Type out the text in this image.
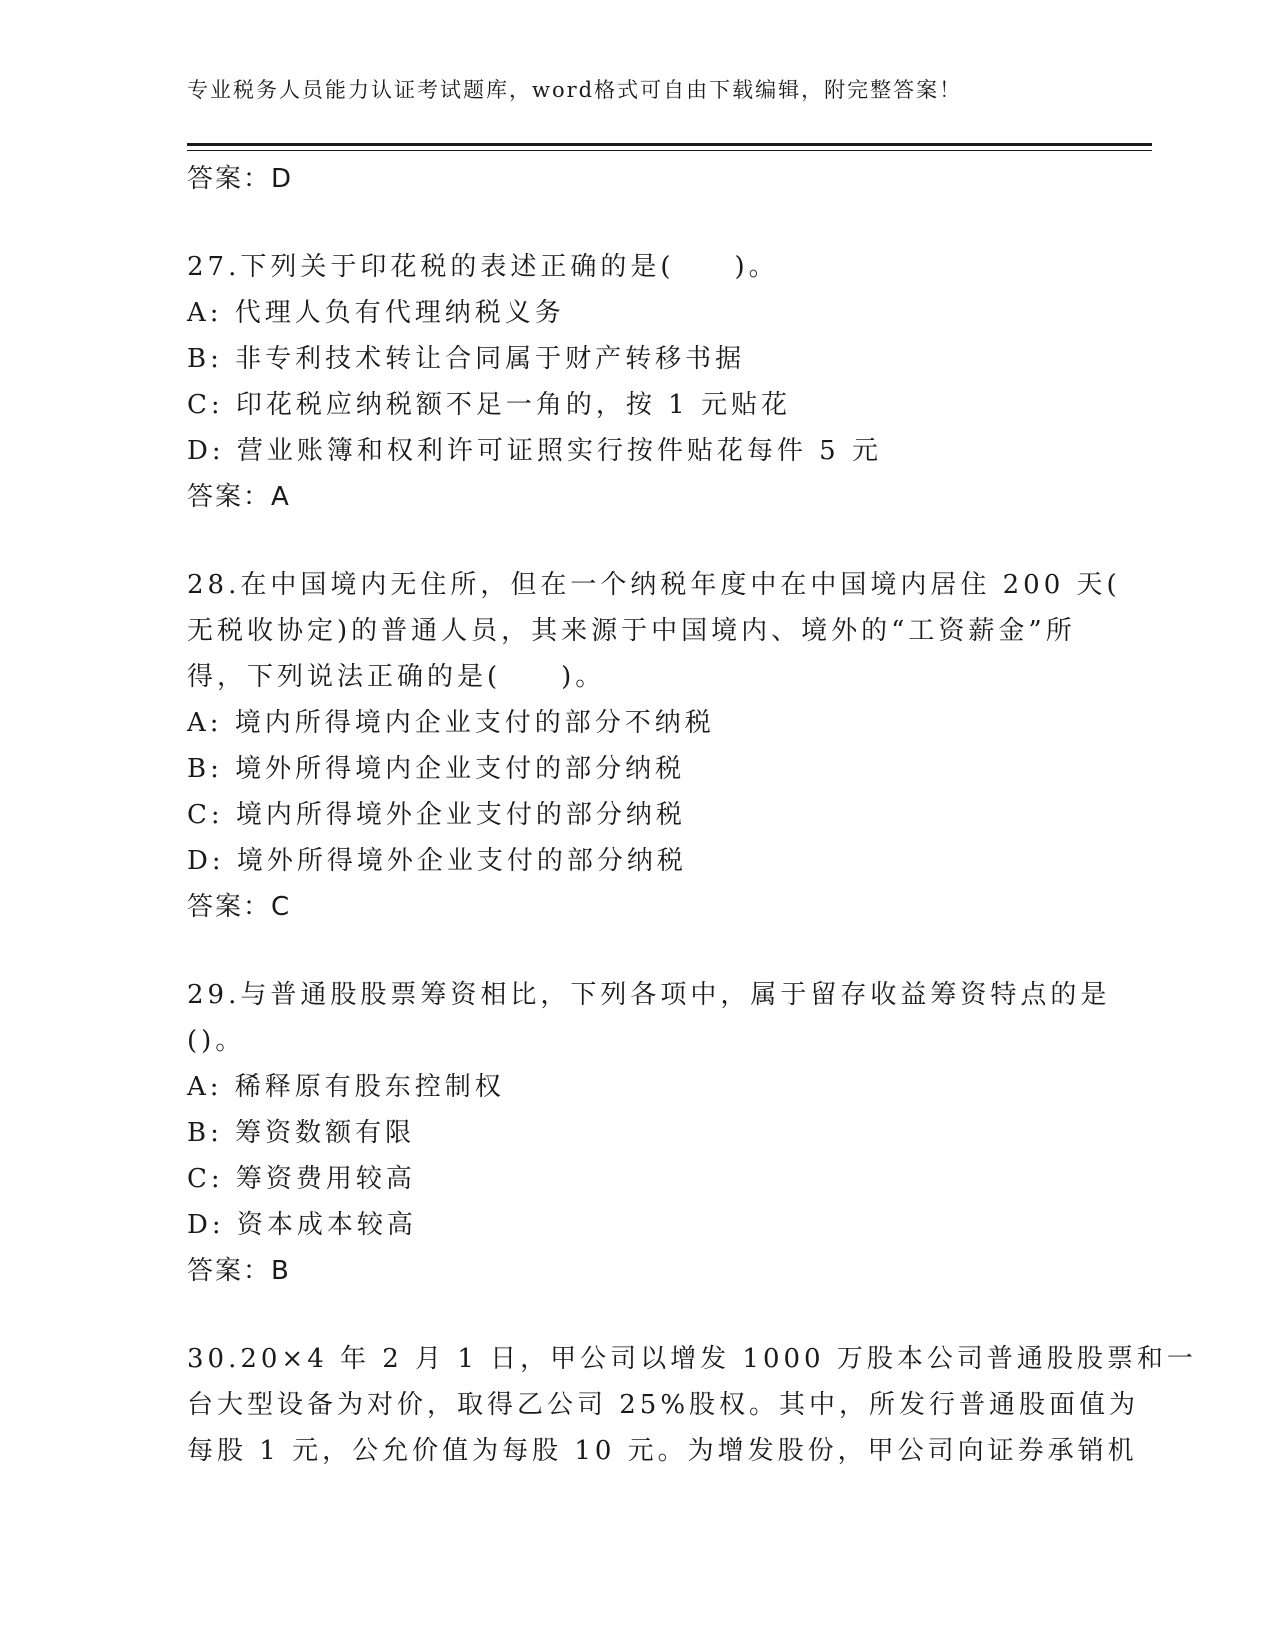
专业税务人员能力认证考试题库，word格式可自由下载编辑，附完整答案！
答案：D
27.下列关于印花税的表述正确的是(　　)。
A: 代理人负有代理纳税义务
B: 非专利技术转让合同属于财产转移书据
C: 印花税应纳税额不足一角的，按 1 元贴花
D: 营业账簿和权利许可证照实行按件贴花每件 5 元
答案：A
28.在中国境内无住所，但在一个纳税年度中在中国境内居住 200 天(
无税收协定)的普通人员，其来源于中国境内、境外的“工资薪金”所
得，下列说法正确的是(　　)。
A: 境内所得境内企业支付的部分不纳税
B: 境外所得境内企业支付的部分纳税
C: 境内所得境外企业支付的部分纳税
D: 境外所得境外企业支付的部分纳税
答案：C
29.与普通股股票筹资相比，下列各项中，属于留存收益筹资特点的是
()。
A: 稀释原有股东控制权
B: 筹资数额有限
C: 筹资费用较高
D: 资本成本较高
答案：B
30.20×4 年 2 月 1 日，甲公司以增发 1000 万股本公司普通股股票和一
台大型设备为对价，取得乙公司 25%股权。其中，所发行普通股面值为
每股 1 元，公允价值为每股 10 元。为增发股份，甲公司向证券承销机
